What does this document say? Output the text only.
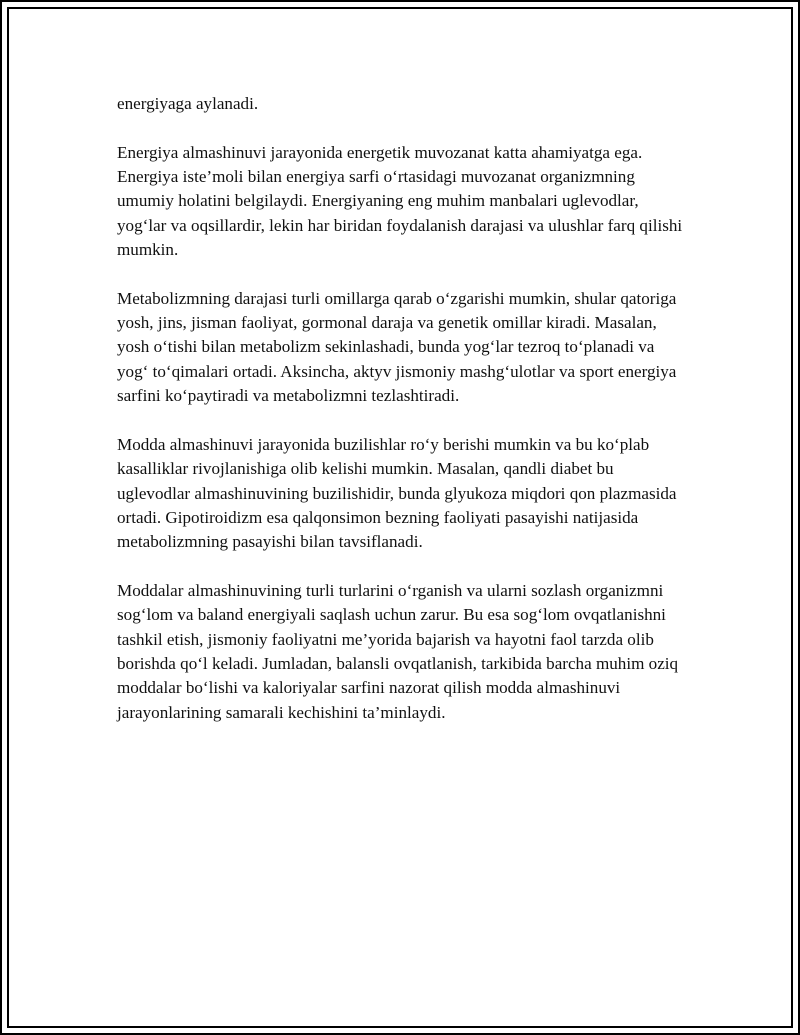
energiyaga aylanadi.

Energiya almashinuvi jarayonida energetik muvozanat katta ahamiyatga ega. Energiya iste’moli bilan energiya sarfi oʻrtasidagi muvozanat organizmning umumiy holatini belgilaydi. Energiyaning eng muhim manbalari uglevodlar, yogʻlar va oqsillardir, lekin har biridan foydalanish darajasi va ulushlar farq qilishi mumkin.

Metabolizmning darajasi turli omillarga qarab oʻzgarishi mumkin, shular qatoriga yosh, jins, jisman faoliyat, gormonal daraja va genetik omillar kiradi. Masalan, yosh oʻtishi bilan metabolizm sekinlashadi, bunda yogʻlar tezroq toʻplanadi va yogʻ toʻqimalari ortadi. Aksincha, aktyv jismoniy mashgʻulotlar va sport energiya sarfini koʻpaytiradi va metabolizmni tezlashtiradi.

Modda almashinuvi jarayonida buzilishlar roʻy berishi mumkin va bu koʻplab kasalliklar rivojlanishiga olib kelishi mumkin. Masalan, qandli diabet bu uglevodlar almashinuvining buzilishidir, bunda glyukoza miqdori qon plazmasida ortadi. Gipotiroidizm esa qalqonsimon bezning faoliyati pasayishi natijasida metabolizmning pasayishi bilan tavsiflanadi.

Moddalar almashinuvining turli turlarini oʻrganish va ularni sozlash organizmni sogʻlom va baland energiyali saqlash uchun zarur. Bu esa sogʻlom ovqatlanishni tashkil etish, jismoniy faoliyatni me’yorida bajarish va hayotni faol tarzda olib borishda qoʻl keladi. Jumladan, balansli ovqatlanish, tarkibida barcha muhim oziq moddalar boʻlishi va kaloriyalar sarfini nazorat qilish modda almashinuvi jarayonlarining samarali kechishini ta’minlaydi.
